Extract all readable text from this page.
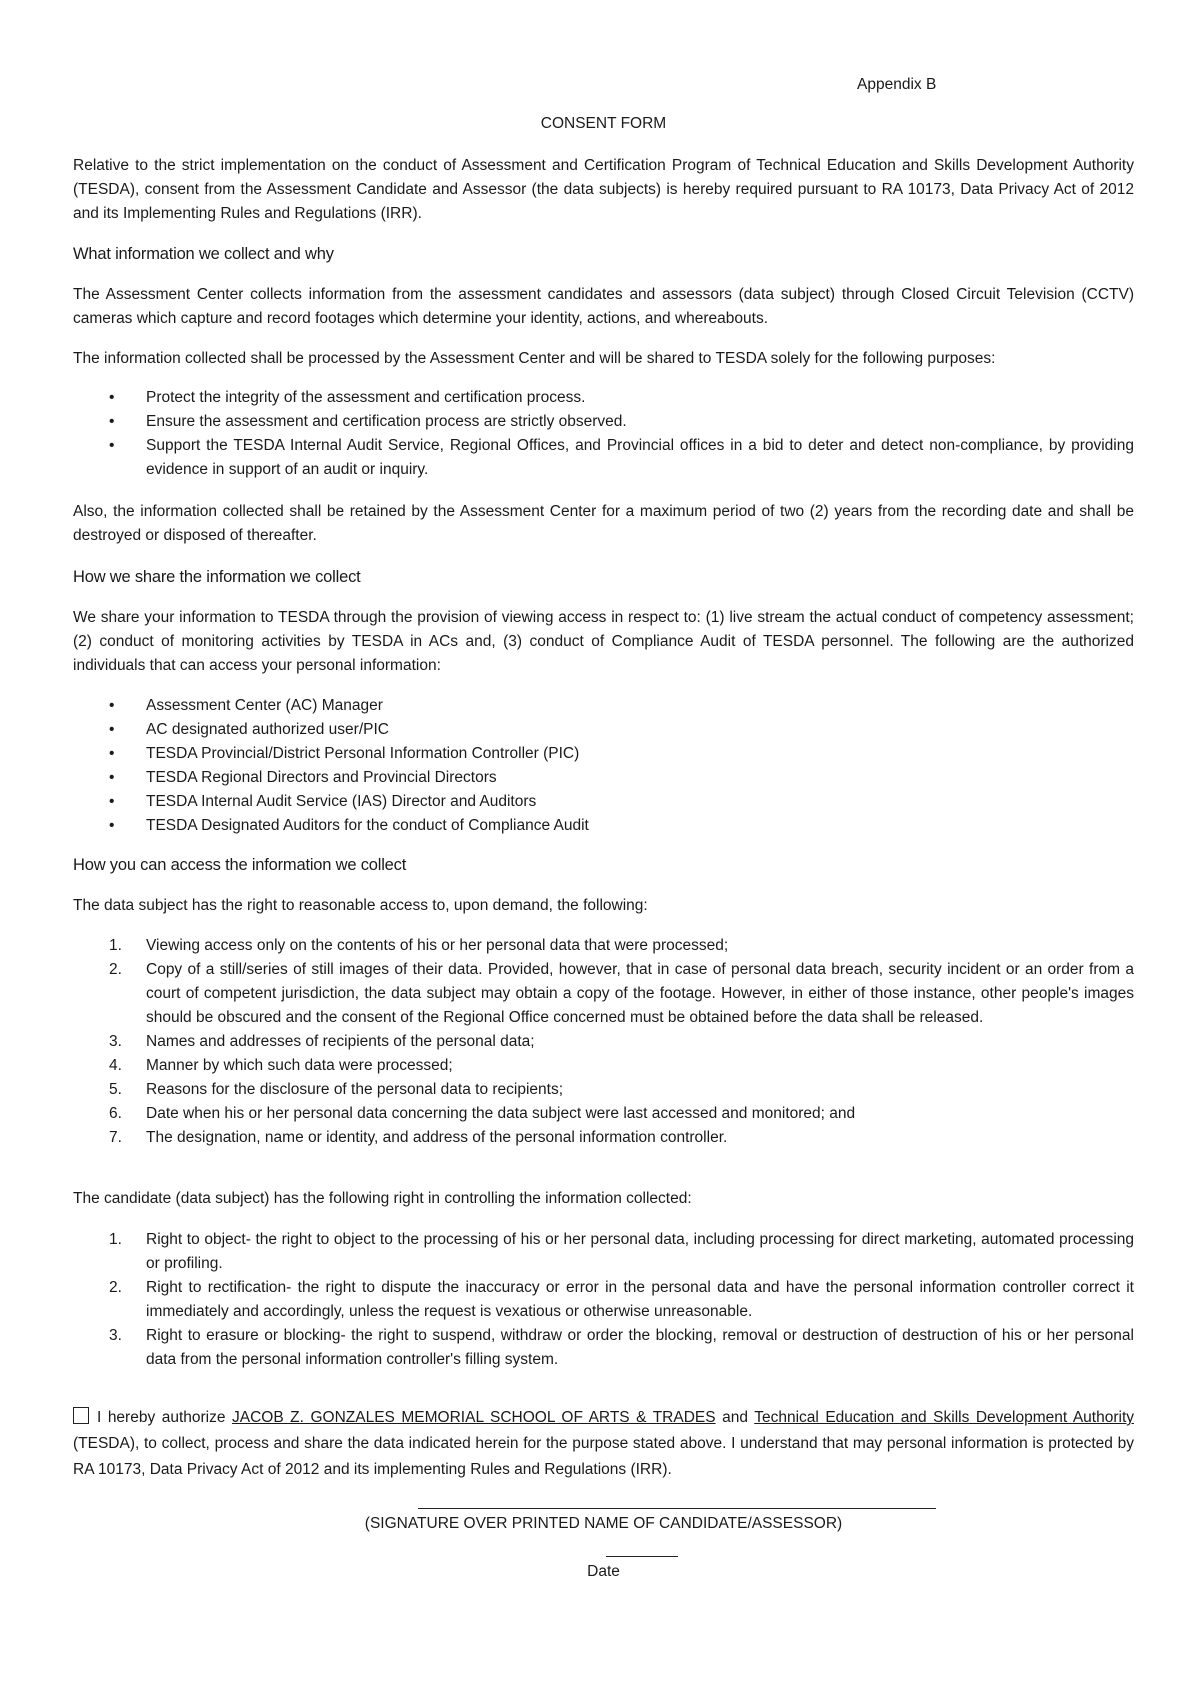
Appendix B
CONSENT FORM
Relative to the strict implementation on the conduct of Assessment and Certification Program of Technical Education and Skills Development Authority (TESDA), consent from the Assessment Candidate and Assessor (the data subjects) is hereby required pursuant to RA 10173, Data Privacy Act of 2012 and its Implementing Rules and Regulations (IRR).
What information we collect and why
The Assessment Center collects information from the assessment candidates and assessors (data subject) through Closed Circuit Television (CCTV) cameras which capture and record footages which determine your identity, actions, and whereabouts.
The information collected shall be processed by the Assessment Center and will be shared to TESDA solely for the following purposes:
• Protect the integrity of the assessment and certification process.
• Ensure the assessment and certification process are strictly observed.
• Support the TESDA Internal Audit Service, Regional Offices, and Provincial offices in a bid to deter and detect non-compliance, by providing evidence in support of an audit or inquiry.
Also, the information collected shall be retained by the Assessment Center for a maximum period of two (2) years from the recording date and shall be destroyed or disposed of thereafter.
How we share the information we collect
We share your information to TESDA through the provision of viewing access in respect to: (1) live stream the actual conduct of competency assessment; (2) conduct of monitoring activities by TESDA in ACs and, (3) conduct of Compliance Audit of TESDA personnel. The following are the authorized individuals that can access your personal information:
• Assessment Center (AC) Manager
• AC designated authorized user/PIC
• TESDA Provincial/District Personal Information Controller (PIC)
• TESDA Regional Directors and Provincial Directors
• TESDA Internal Audit Service (IAS) Director and Auditors
• TESDA Designated Auditors for the conduct of Compliance Audit
How you can access the information we collect
The data subject has the right to reasonable access to, upon demand, the following:
1. Viewing access only on the contents of his or her personal data that were processed;
2. Copy of a still/series of still images of their data. Provided, however, that in case of personal data breach, security incident or an order from a court of competent jurisdiction, the data subject may obtain a copy of the footage. However, in either of those instance, other people's images should be obscured and the consent of the Regional Office concerned must be obtained before the data shall be released.
3. Names and addresses of recipients of the personal data;
4. Manner by which such data were processed;
5. Reasons for the disclosure of the personal data to recipients;
6. Date when his or her personal data concerning the data subject were last accessed and monitored; and
7. The designation, name or identity, and address of the personal information controller.
The candidate (data subject) has the following right in controlling the information collected:
1. Right to object- the right to object to the processing of his or her personal data, including processing for direct marketing, automated processing or profiling.
2. Right to rectification- the right to dispute the inaccuracy or error in the personal data and have the personal information controller correct it immediately and accordingly, unless the request is vexatious or otherwise unreasonable.
3. Right to erasure or blocking- the right to suspend, withdraw or order the blocking, removal or destruction of destruction of his or her personal data from the personal information controller's filling system.
I hereby authorize JACOB Z. GONZALES MEMORIAL SCHOOL OF ARTS & TRADES and Technical Education and Skills Development Authority (TESDA), to collect, process and share the data indicated herein for the purpose stated above. I understand that may personal information is protected by RA 10173, Data Privacy Act of 2012 and its implementing Rules and Regulations (IRR).
(SIGNATURE OVER PRINTED NAME OF CANDIDATE/ASSESSOR)
Date
